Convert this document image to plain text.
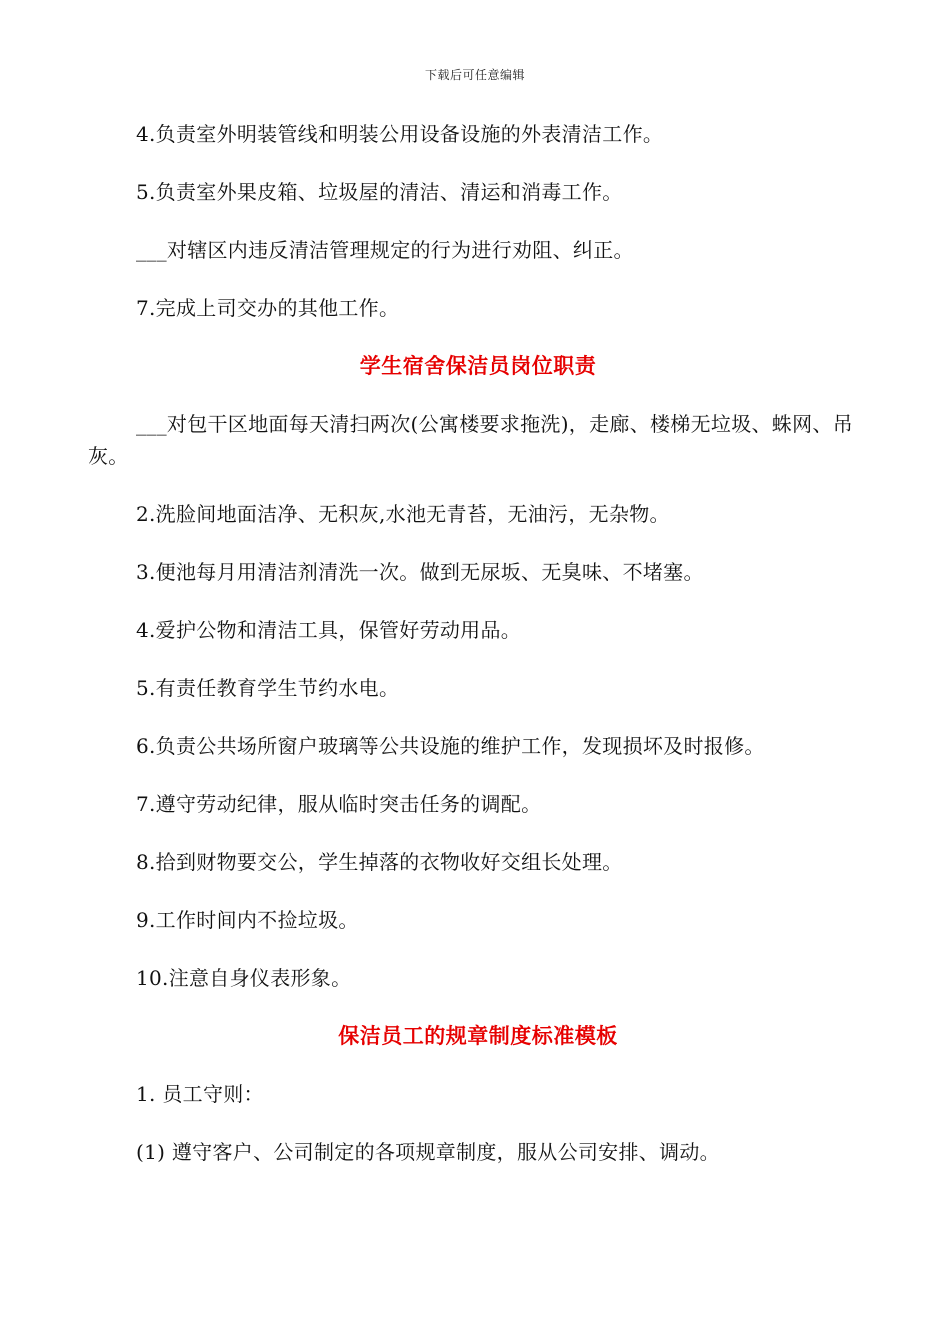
下载后可任意编辑

4.负责室外明装管线和明装公用设备设施的外表清洁工作。

5.负责室外果皮箱、垃圾屋的清洁、清运和消毒工作。

___对辖区内违反清洁管理规定的行为进行劝阻、纠正。

7.完成上司交办的其他工作。

学生宿舍保洁员岗位职责

___对包干区地面每天清扫两次(公寓楼要求拖洗)，走廊、楼梯无垃圾、蛛网、吊灰。

2.洗脸间地面洁净、无积灰,水池无青苔，无油污，无杂物。

3.便池每月用清洁剂清洗一次。做到无尿坂、无臭味、不堵塞。

4.爱护公物和清洁工具，保管好劳动用品。

5.有责任教育学生节约水电。

6.负责公共场所窗户玻璃等公共设施的维护工作，发现损坏及时报修。

7.遵守劳动纪律，服从临时突击任务的调配。

8.拾到财物要交公，学生掉落的衣物收好交组长处理。

9.工作时间内不捡垃圾。

10.注意自身仪表形象。

保洁员工的规章制度标准模板

1. 员工守则：

(1) 遵守客户、公司制定的各项规章制度，服从公司安排、调动。
